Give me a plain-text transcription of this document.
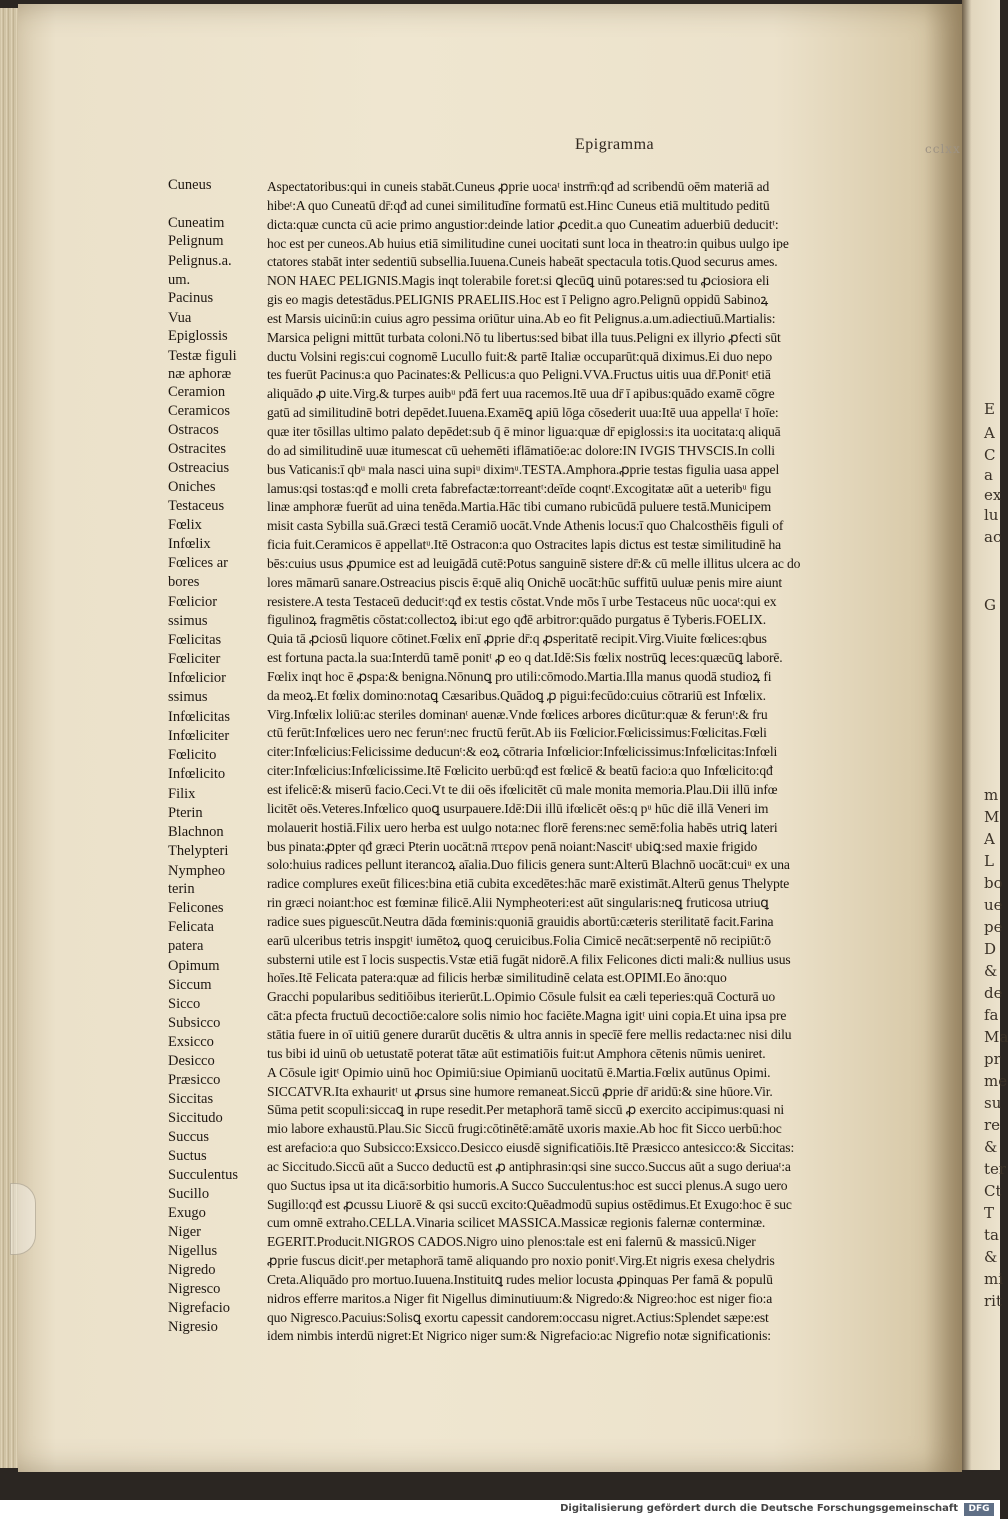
E
A
C
a
ex
lu
ac
G
m
M
A
L
bo
ue
pe
D
&
de
fa
Ma
pr
me
su
re
&
ter
Ct
T
ta
&
mi
rit
cclxx
Epigramma
Cuneus
Cuneatim
Pelignum
Pelignus.a.
um.
Pacinus
Vua
Epiglossis
Testæ figuli
næ aphoræ
Ceramion
Ceramicos
Ostracos
Ostracites
Ostreacius
Oniches
Testaceus
Fœlix
Infœlix
Fœlices ar
bores
Fœlicior
ssimus
Fœlicitas
Fœliciter
Infœlicior
ssimus
Infœlicitas
Infœliciter
Fœlicito
Infœlicito
Filix
Pterin
Blachnon
Thelypteri
Nympheo
terin
Felicones
Felicata
patera
Opimum
Siccum
Sicco
Subsicco
Exsicco
Desicco
Præsicco
Siccitas
Siccitudo
Succus
Suctus
Succulentus
Sucillo
Exugo
Niger
Nigellus
Nigredo
Nigresco
Nigrefacio
Nigresio
Aspectatoribus:qui in cuneis stabāt.Cuneus ꝓprie uocaᵗ instrm̄:qđ ad scribendū oēm materiā ad
hibeᵗ:A quo Cuneatū dr̄:qđ ad cunei similitudīne formatū est.Hinc Cuneus etiā multitudo peditū
dicta:quæ cuncta cū acie primo angustior:deinde latior ꝓcedit.a quo Cuneatim aduerbiū deducitᵗ:
hoc est per cuneos.Ab huius etiā similitudine cunei uocitati sunt loca in theatro:in quibus uulgo ipe
ctatores stabāt inter sedentiū subsellia.Iuuena.Cuneis habeāt spectacula totis.Quod securus ames.
NON HAEC PELIGNIS.Magis inqt tolerabile foret:si ꝗlecūꝗ uinū potares:sed tu ꝓciosiora eli
gis eo magis detestādus.PELIGNIS PRAELIIS.Hoc est ī Peligno agro.Pelignū oppidū Sabinoꝝ
est Marsis uicinū:in cuius agro pessima oriūtur uina.Ab eo fit Pelignus.a.um.adiectiuū.Martialis:
Marsica peligni mittūt turbata coloni.Nō tu libertus:sed bibat illa tuus.Peligni ex illyrio ꝓfecti sūt
ductu Volsini regis:cui cognomē Lucullo fuit:& partē Italiæ occuparūt:quā diximus.Ei duo nepo
tes fuerūt Pacinus:a quo Pacinates:& Pellicus:a quo Peligni.VVA.Fructus uitis uua dr̄.Ponitᵗ etiā
aliquādo ꝓ uite.Virg.& turpes auibᵘ pđā fert uua racemos.Itē uua dr̄ ī apibus:quādo examē cōgre
gatū ad similitudinē botri depēdet.Iuuena.Examēꝗ apiū lōga cōsederit uua:Itē uua appellaᵗ ī hoīe:
quæ iter tōsillas ultimo palato depēdet:sub q̄ ē minor ligua:quæ dr̄ epiglossi:s ita uocitata:q aliquā
do ad similitudinē uuæ itumescat cū uehemēti iflāmatiōe:ac dolore:IN IVGIS THVSCIS.In colli
bus Vaticanis:ī qbᵘ mala nasci uina supiᵘ diximᵘ.TESTA.Amphora.ꝓprie testas figulia uasa appel
lamus:qsi tostas:qđ e molli creta fabrefactæ:torreantᵗ:deīde coqntᵗ.Excogitatæ aūt a ueteribᵘ figu
linæ amphoræ fuerūt ad uina tenēda.Martia.Hāc tibi cumano rubicūdā puluere testā.Municipem
misit casta Sybilla suā.Græci testā Ceramiō uocāt.Vnde Athenis locus:ī quo Chalcosthēis figuli of
ficia fuit.Ceramicos ē appellatᵘ.Itē Ostracon:a quo Ostracites lapis dictus est testæ similitudinē ha
bēs:cuius usus ꝓpumice est ad leuigādā cutē:Potus sanguinē sistere dr̄:& cū melle illitus ulcera ac do
lores māmarū sanare.Ostreacius piscis ē:quē aliq Onichē uocāt:hūc suffitū uuluæ penis mire aiunt
resistere.A testa Testaceū deducitᵗ:qđ ex testis cōstat.Vnde mōs ī urbe Testaceus nūc uocaᵗ:qui ex
figulinoꝝ fragmētis cōstat:collectoꝝ ibi:ut ego qđē arbitror:quādo purgatus ē Tyberis.FOELIX.
Quia tā ꝓciosū liquore cōtinet.Fœlix enī ꝓprie dr̄:q ꝓsperitatē recipit.Virg.Viuite fœlices:qbus
est fortuna pacta.la sua:Interdū tamē ponitᵗ ꝓ eo q dat.Idē:Sis fœlix nostrūꝗ leces:quæcūꝗ laborē.
Fœlix inqt hoc ē ꝓspa:& benigna.Nōnunꝗ pro utili:cōmodo.Martia.Illa manus quodā studioꝝ fi
da meoꝝ.Et fœlix domino:notaꝗ Cæsaribus.Quādoꝗ ꝓ pigui:fecūdo:cuius cōtrariū est Infœlix.
Virg.Infœlix loliū:ac steriles dominanᵗ auenæ.Vnde fœlices arbores dicūtur:quæ & ferunᵗ:& fru
ctū ferūt:Infœlices uero nec ferunᵗ:nec fructū ferūt.Ab iis Fœlicior.Fœlicissimus:Fœlicitas.Fœli
citer:Infœlicius:Felicissime deducunᵗ:& eoꝝ cōtraria Infœlicior:Infœlicissimus:Infœlicitas:Infœli
citer:Infœlicius:Infœlicissime.Itē Fœlicito uerbū:qđ est fœlicē & beatū facio:a quo Infœlicito:qđ
est ifelicē:& miserū facio.Ceci.Vt te dii oēs ifœlicitēt cū male monita memoria.Plau.Dii illū infœ
licitēt oēs.Veteres.Infœlico quoꝗ usurpauere.Idē:Dii illū ifœlicēt oēs:q pᵘ hūc diē illā Veneri im
molauerit hostiā.Filix uero herba est uulgo nota:nec florē ferens:nec semē:folia habēs utriꝗ lateri
bus pinata:ꝓpter qđ græci Pterin uocāt:nā πτερον penā noiant:Nascitᵗ ubiꝗ:sed maxie frigido
solo:huius radices pellunt iterancoꝝ aīalia.Duo filicis genera sunt:Alterū Blachnō uocāt:cuiᵘ ex una
radice complures exeūt filices:bina etiā cubita excedētes:hāc marē existimāt.Alterū genus Thelypte
rin græci noiant:hoc est fœminæ filicē.Alii Nympheoteri:est aūt singularis:neꝗ fruticosa utriuꝗ
radice sues piguescūt.Neutra dāda fœminis:quoniā grauidis abortū:cæteris sterilitatē facit.Farina
earū ulceribus tetris inspgitᵗ iumētoꝝ quoꝗ ceruicibus.Folia Cimicē necāt:serpentē nō recipiūt:ō
substerni utile est ī locis suspectis.Vstæ etiā fugāt nidorē.A filix Felicones dicti mali:& nullius usus
hoīes.Itē Felicata patera:quæ ad filicis herbæ similitudinē celata est.OPIMI.Eo āno:quo
Gracchi popularibus seditiōibus iterierūt.L.Opimio Cōsule fulsit ea cæli teperies:quā Cocturā uo
cāt:a pfecta fructuū decoctiōe:calore solis nimio hoc faciēte.Magna igitᵗ uini copia.Et uina ipsa pre
stātia fuere in oī uitiū genere durarūt ducētis & ultra annis in specīē fere mellis redacta:nec nisi dilu
tus bibi id uinū ob uetustatē poterat tātæ aūt estimatiōis fuit:ut Amphora cētenis nūmis ueniret.
A Cōsule igitᵗ Opimio uinū hoc Opimiū:siue Opimianū uocitatū ē.Martia.Fœlix autūnus Opimi.
SICCATVR.Ita exhauritᵗ ut ꝓrsus sine humore remaneat.Siccū ꝓprie dr̄ aridū:& sine hūore.Vir.
Sūma petit scopuli:siccaꝗ in rupe resedit.Per metaphorā tamē siccū ꝓ exercito accipimus:quasi ni
mio labore exhaustū.Plau.Sic Siccū frugi:cōtinētē:amātē uxoris maxie.Ab hoc fit Sicco uerbū:hoc
est arefacio:a quo Subsicco:Exsicco.Desicco eiusdē significatiōis.Itē Præsicco antesicco:& Siccitas:
ac Siccitudo.Siccū aūt a Succo deductū est ꝓ antiphrasin:qsi sine succo.Succus aūt a sugo deriuaᵗ:a
quo Suctus ipsa ut ita dicā:sorbitio humoris.A Succo Succulentus:hoc est succi plenus.A sugo uero
Sugillo:qđ est ꝓcussu Liuorē & qsi succū excito:Quēadmodū supius ostēdimus.Et Exugo:hoc ē suc
cum omnē extraho.CELLA.Vinaria scilicet MASSICA.Massicæ regionis falernæ conterminæ.
EGERIT.Producit.NIGROS CADOS.Nigro uino plenos:tale est eni falernū & massicū.Niger
ꝓprie fuscus dicitᵗ.per metaphorā tamē aliquando pro noxio ponitᵗ.Virg.Et nigris exesa chelydris
Creta.Aliquādo pro mortuo.Iuuena.Instituitꝗ rudes melior locusta ꝓpinquas Per famā & populū
nidros efferre maritos.a Niger fit Nigellus diminutiuum:& Nigredo:& Nigreo:hoc est niger fio:a
quo Nigresco.Pacuius:Solisꝗ exortu capessit candorem:occasu nigret.Actius:Splendet sæpe:est
idem nimbis interdū nigret:Et Nigrico niger sum:& Nigrefacio:ac Nigrefio notæ significationis:
Digitalisierung gefördert durch die Deutsche Forschungsgemeinschaft	DFG
